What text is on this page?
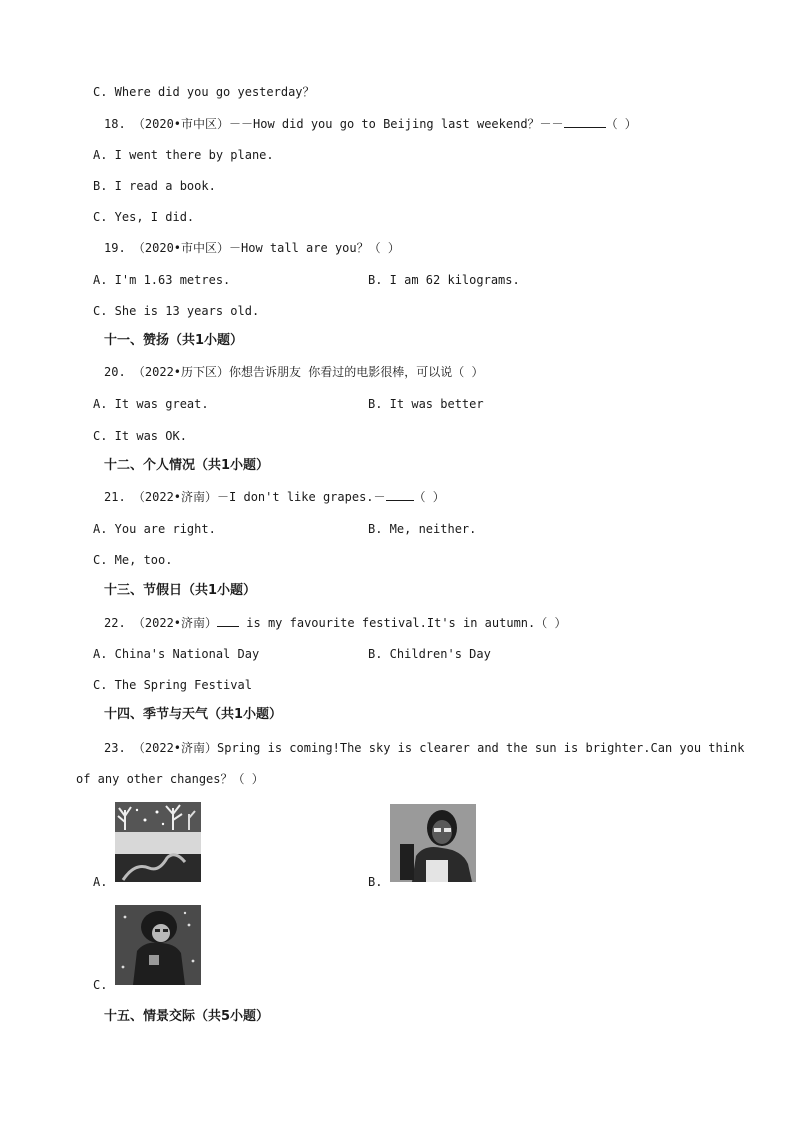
C. Where did you go yesterday？
18. （2020•市中区）－－How did you go to Beijing last weekend？－－	（ ）
A. I went there by plane.
B. I read a book.
C. Yes, I did.
19. （2020•市中区）－How tall are you？（ ）
A. I'm 1.63 metres.	B. I am 62 kilograms.
C. She is 13 years old.
十一、赞扬（共1小题）
20. （2022•历下区）你想告诉朋友 你看过的电影很棒，可以说（ ）
A. It was great.	B. It was better
C. It was OK.
十二、个人情况（共1小题）
21. （2022•济南）－I don't like grapes.－ （ ）
A. You are right.	B. Me, neither.
C. Me, too.
十三、节假日（共1小题）
22. （2022•济南） is my favourite festival.It's in autumn.（ ）
A. China's National Day	B. Children's Day
C. The Spring Festival
十四、季节与天气（共1小题）
23. （2022•济南）Spring is coming!The sky is clearer and the sun is brighter.Can you think
of any other changes？（ ）
A.	B.
C.
十五、情景交际（共5小题）
